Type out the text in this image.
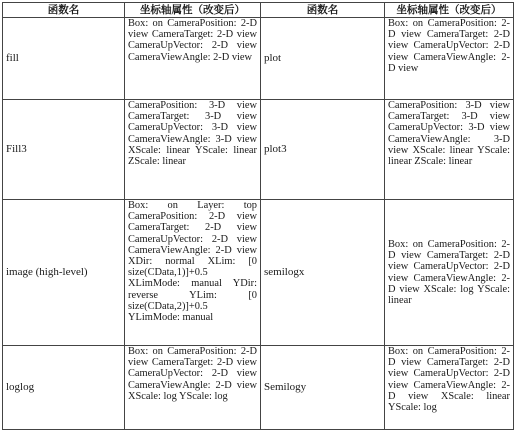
函数名	坐标轴属性（改变后）	函数名	坐标轴属性（改变后）
fill	Box: on CameraPosition: 2-D view CameraTarget: 2-D view CameraUpVector: 2-D view CameraViewAngle: 2-D view	plot	Box: on CameraPosition: 2-D view CameraTarget: 2-D view CameraUpVector: 2-D view CameraViewAngle: 2-D view
Fill3	CameraPosition: 3-D view CameraTarget: 3-D view CameraUpVector: 3-D view CameraViewAngle: 3-D view XScale: linear YScale: linear ZScale: linear	plot3	CameraPosition: 3-D view CameraTarget: 3-D view CameraUpVector: 3-D view CameraViewAngle: 3-D view XScale: linear YScale: linear ZScale: linear
image (high-level)	Box: on Layer: top CameraPosition: 2-D view CameraTarget: 2-D view CameraUpVector: 2-D view CameraViewAngle: 2-D view XDir: normal XLim: [0 size(CData,1)]+0.5 XLimMode: manual YDir: reverse YLim: [0 size(CData,2)]+0.5 YLimMode: manual	semilogx	Box: on CameraPosition: 2-D view CameraTarget: 2-D view CameraUpVector: 2-D view CameraViewAngle: 2-D view XScale: log YScale: linear
loglog	Box: on CameraPosition: 2-D view CameraTarget: 2-D view CameraUpVector: 2-D view CameraViewAngle: 2-D view XScale: log YScale: log	Semilogy	Box: on CameraPosition: 2-D view CameraTarget: 2-D view CameraUpVector: 2-D view CameraViewAngle: 2-D view XScale: linear YScale: log
